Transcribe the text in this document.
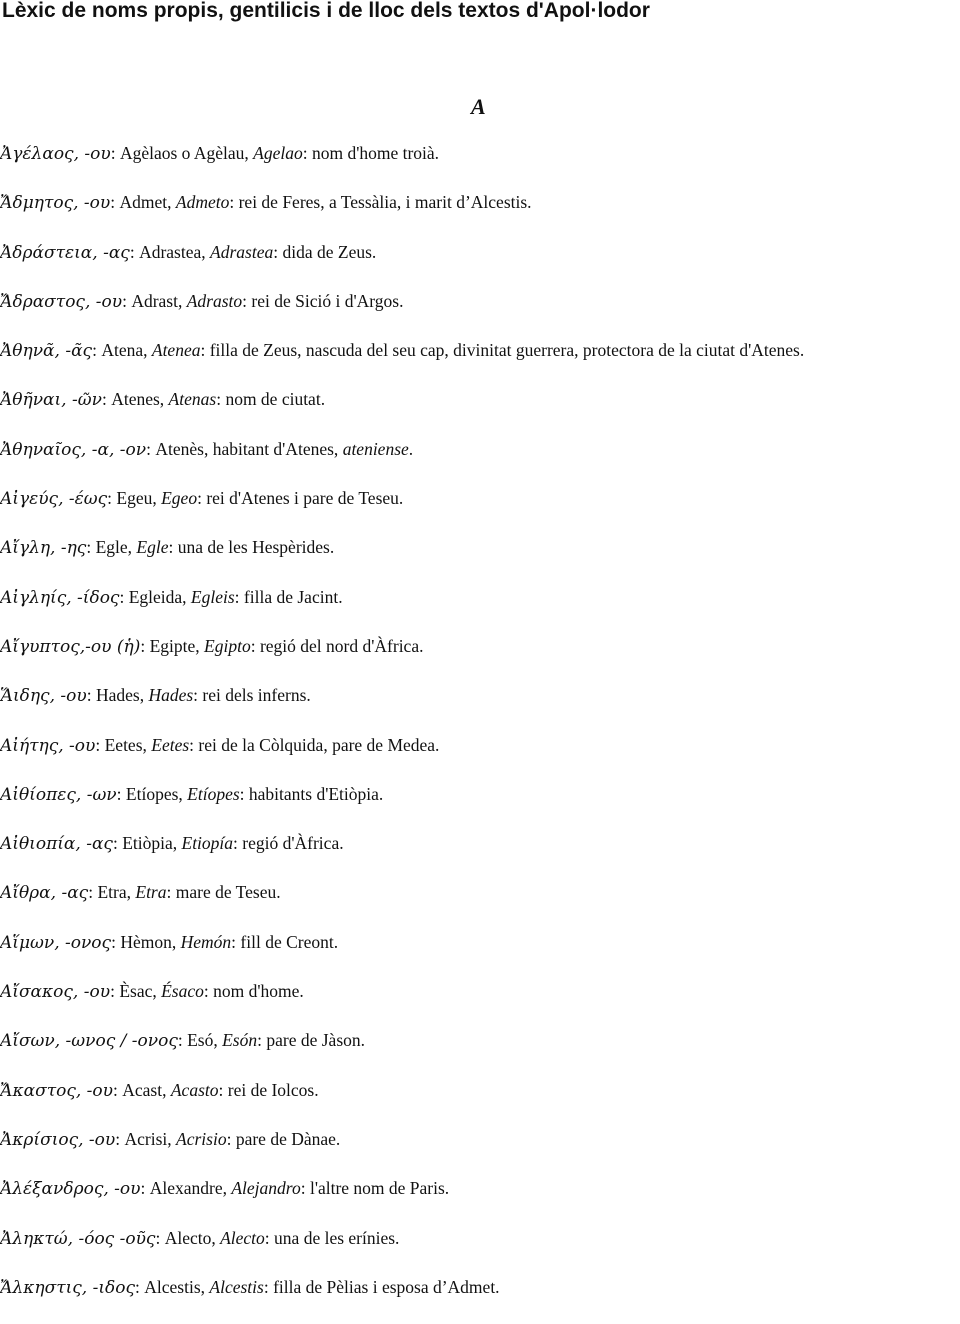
Lèxic de noms propis, gentilicis i de lloc dels textos d'Apol·lodor
A
Ἀγέλαος, -ου: Agèlaos o Agèlau, Agelao: nom d'home troià.
Ἄδμητος, -ου: Admet, Admeto: rei de Feres, a Tessàlia, i marit d’Alcestis.
Ἀδράστεια, -ας: Adrastea, Adrastea: dida de Zeus.
Ἄδραστος, -ου: Adrast, Adrasto: rei de Sició i d'Argos.
Ἀθηνᾶ, -ᾶς: Atena, Atenea: filla de Zeus, nascuda del seu cap, divinitat guerrera, protectora de la ciutat d'Atenes.
Ἀθῆναι, -ῶν: Atenes, Atenas: nom de ciutat.
Ἀθηναῖος, -α, -ον: Atenès, habitant d'Atenes, ateniense.
Αἰγεύς, -έως: Egeu, Egeo: rei d'Atenes i pare de Teseu.
Αἴγλη, -ης: Egle, Egle: una de les Hespèrides.
Αἰγληίς, -ίδος: Egleida, Egleis: filla de Jacint.
Αἴγυπτος,-ου (ἡ): Egipte, Egipto: regió del nord d'Àfrica.
Ἅιδης, -ου: Hades, Hades: rei dels inferns.
Αἰήτης, -ου: Eetes, Eetes: rei de la Còlquida, pare de Medea.
Αἰθίοπες, -ων: Etíopes, Etíopes: habitants d'Etiòpia.
Αἰθιοπία, -ας: Etiòpia, Etiopía: regió d'Àfrica.
Αἴθρα, -ας: Etra, Etra: mare de Teseu.
Αἵμων, -ονος: Hèmon, Hemón: fill de Creont.
Αἴσακος, -ου: Èsac, Ésaco: nom d'home.
Αἴσων, -ωνος / -ονος: Esó, Esón: pare de Jàson.
Ἄκαστος, -ου: Acast, Acasto: rei de Iolcos.
Ἀκρίσιος, -ου: Acrisi, Acrisio: pare de Dànae.
Ἀλέξανδρος, -ου: Alexandre, Alejandro: l'altre nom de Paris.
Ἀληκτώ, -όος -οῦς: Alecto, Alecto: una de les erínies.
Ἄλκηστις, -ιδος: Alcestis, Alcestis: filla de Pèlias i esposa d’Admet.
